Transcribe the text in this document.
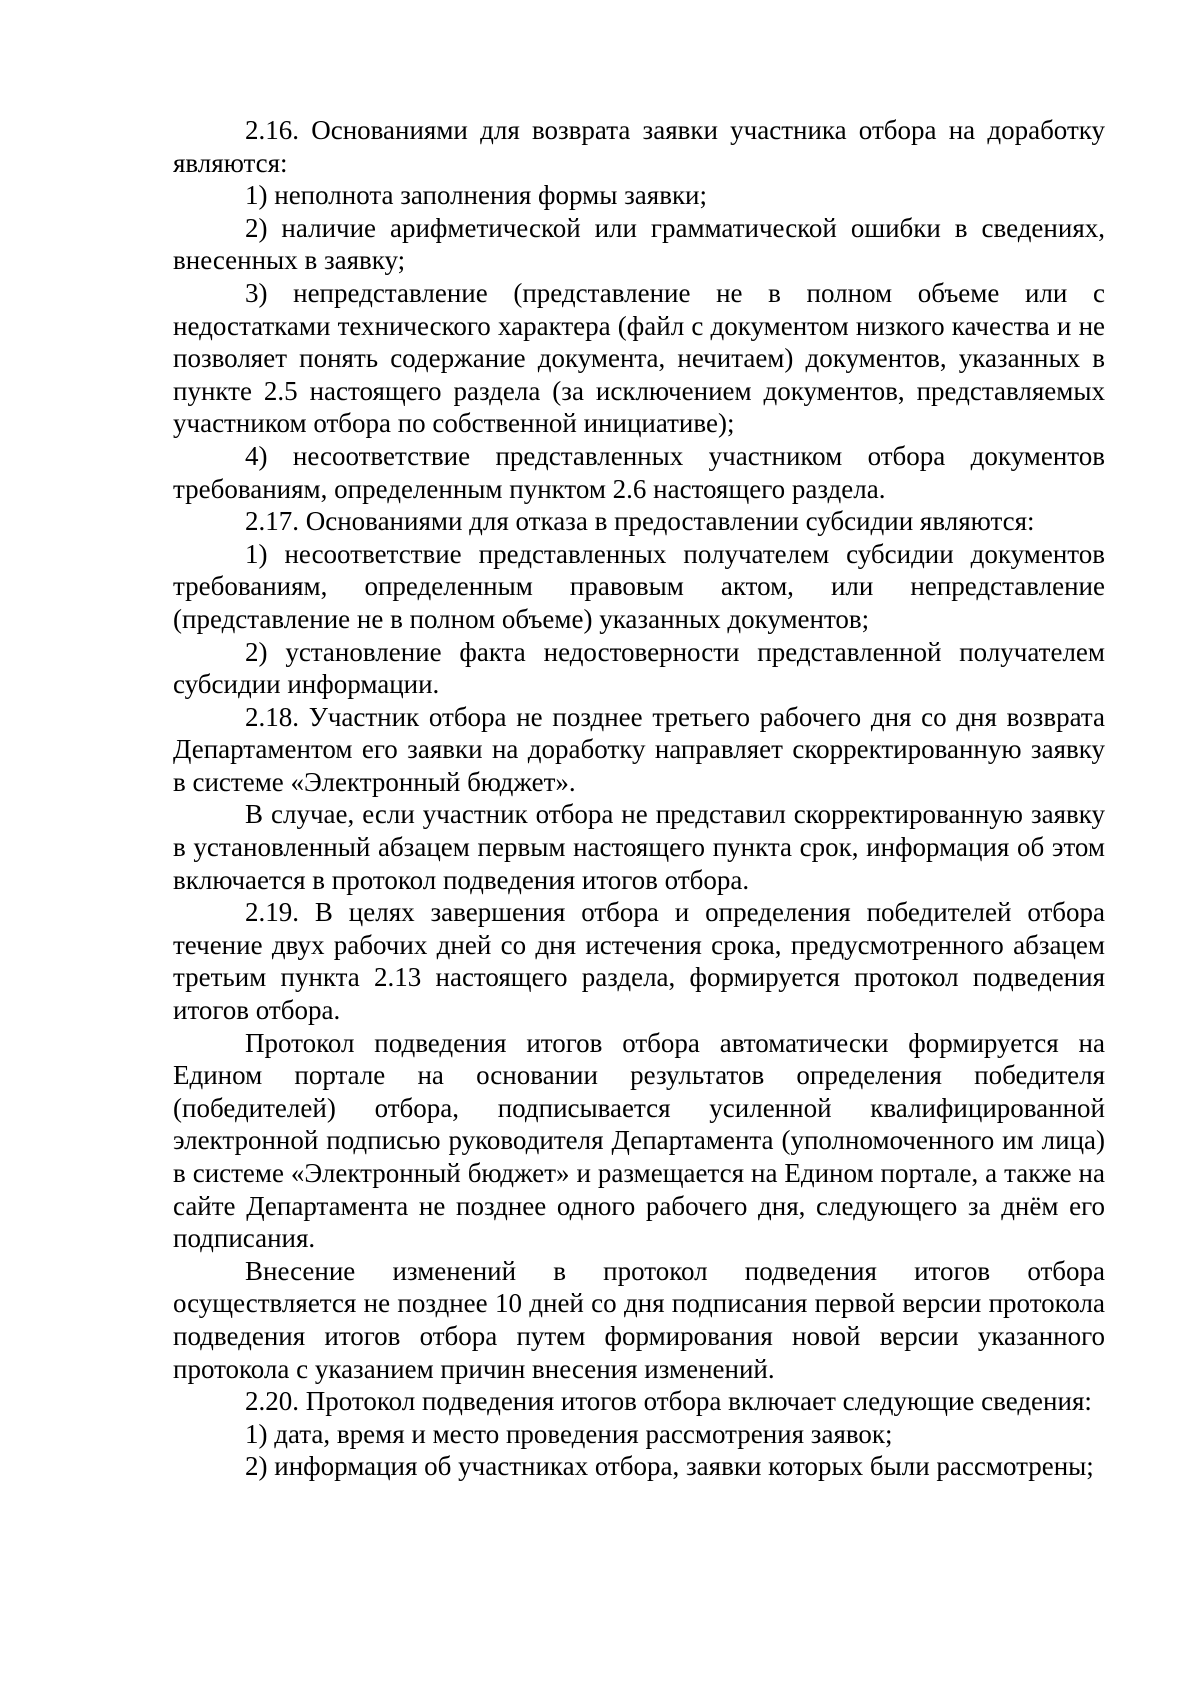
2.16. Основаниями для возврата заявки участника отбора на доработку являются:

1) неполнота заполнения формы заявки;

2) наличие арифметической или грамматической ошибки в сведениях, внесенных в заявку;

3) непредставление (представление не в полном объеме или с недостатками технического характера (файл с документом низкого качества и не позволяет понять содержание документа, нечитаем) документов, указанных в пункте 2.5 настоящего раздела (за исключением документов, представляемых участником отбора по собственной инициативе);

4) несоответствие представленных участником отбора документов требованиям, определенным пунктом 2.6 настоящего раздела.

2.17. Основаниями для отказа в предоставлении субсидии являются:

1) несоответствие представленных получателем субсидии документов требованиям, определенным правовым актом, или непредставление (представление не в полном объеме) указанных документов;

2) установление факта недостоверности представленной получателем субсидии информации.

2.18. Участник отбора не позднее третьего рабочего дня со дня возврата Департаментом его заявки на доработку направляет скорректированную заявку в системе «Электронный бюджет».

В случае, если участник отбора не представил скорректированную заявку в установленный абзацем первым настоящего пункта срок, информация об этом включается в протокол подведения итогов отбора.

2.19. В целях завершения отбора и определения победителей отбора течение двух рабочих дней со дня истечения срока, предусмотренного абзацем третьим пункта 2.13 настоящего раздела, формируется протокол подведения итогов отбора.

Протокол подведения итогов отбора автоматически формируется на Едином портале на основании результатов определения победителя (победителей) отбора, подписывается усиленной квалифицированной электронной подписью руководителя Департамента (уполномоченного им лица) в системе «Электронный бюджет» и размещается на Едином портале, а также на сайте Департамента не позднее одного рабочего дня, следующего за днём его подписания.

Внесение изменений в протокол подведения итогов отбора осуществляется не позднее 10 дней со дня подписания первой версии протокола подведения итогов отбора путем формирования новой версии указанного протокола с указанием причин внесения изменений.

2.20. Протокол подведения итогов отбора включает следующие сведения:

1) дата, время и место проведения рассмотрения заявок;

2) информация об участниках отбора, заявки которых были рассмотрены;
